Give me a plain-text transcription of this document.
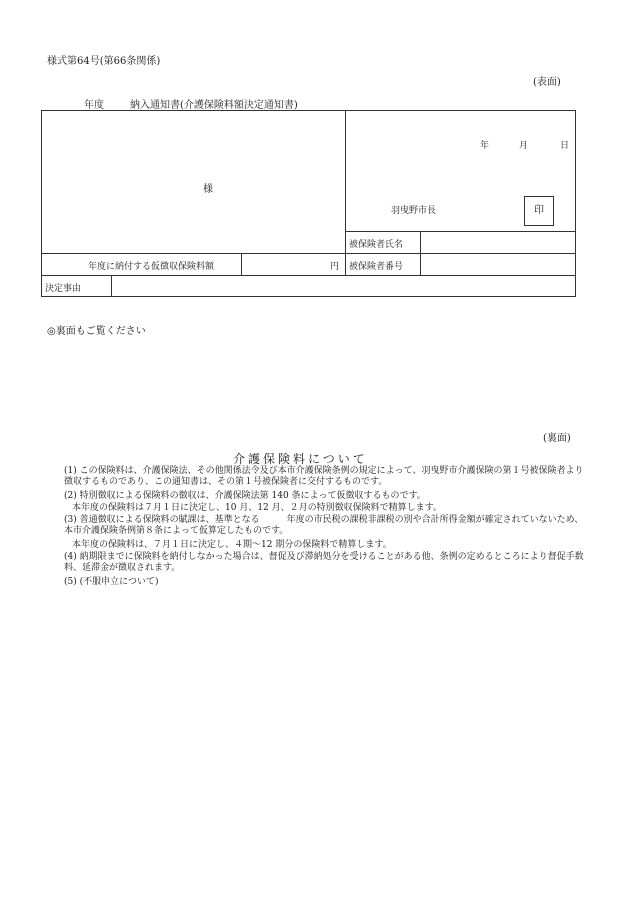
様式第64号(第66条関係)
(表面)
年度	納入通知書(介護保険料額決定通知書)
様
年	月	日
羽曳野市長	印
被保険者氏名
年度に納付する仮徴収保険料額	円 被保険者番号
決定事由
◎裏面もご覧ください
(裏面)
介護保険料について
(1) この保険料は、介護保険法、その他関係法令及び本市介護保険条例の規定によって、羽曳野市介護保険の第１号被保険者より徴収するものであり、この通知書は、その第１号被保険者に交付するものです。
(2) 特別徴収による保険料の徴収は、介護保険法第 140 条によって仮徴収するものです。
本年度の保険料は７月１日に決定し、10 月、12 月、２月の特別徴収保険料で精算します。
(3) 普通徴収による保険料の賦課は、基準となる　　　年度の市民税の課税非課税の別や合計所得金額が確定されていないため、本市介護保険条例第８条によって仮算定したものです。
本年度の保険料は、７月１日に決定し、４期～12 期分の保険料で精算します。
(4) 納期限までに保険料を納付しなかった場合は、督促及び滞納処分を受けることがある他、条例の定めるところにより督促手数料、延滞金が徴収されます。
(5) (不服申立について)
